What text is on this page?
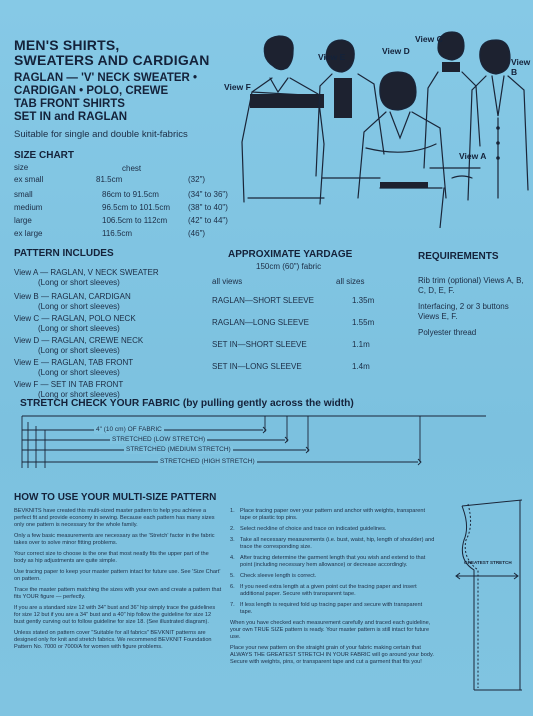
MEN'S SHIRTS,
SWEATERS AND CARDIGAN
RAGLAN — 'V' NECK SWEATER •
CARDIGAN • POLO, CREWE
TAB FRONT SHIRTS
SET IN and RAGLAN
Suitable for single and double knit-fabrics
SIZE CHART
size	chest
ex small	81.5cm	(32")
small	86cm to 91.5cm	(34" to 36")
medium	96.5cm to 101.5cm	(38" to 40")
large	106.5cm to 112cm	(42" to 44")
ex large	116.5cm	(46")
View F
View E
View C
View D
View B
View A
PATTERN INCLUDES
View A — RAGLAN, V NECK SWEATER
(Long or short sleeves)
View B — RAGLAN, CARDIGAN
(Long or short sleeves)
View C — RAGLAN, POLO NECK
(Long or short sleeves)
View D — RAGLAN, CREWE NECK
(Long or short sleeves)
View E — RAGLAN, TAB FRONT
(Long or short sleeves)
View F — SET IN TAB FRONT
(Long or short sleeves)
APPROXIMATE YARDAGE
150cm (60") fabric
all views	all sizes
RAGLAN—SHORT SLEEVE	1.35m
RAGLAN—LONG SLEEVE	1.55m
SET IN—SHORT SLEEVE	1.1m
SET IN—LONG SLEEVE	1.4m
REQUIREMENTS
Rib trim (optional) Views A, B, C, D, E, F.
Interfacing, 2 or 3 buttons Views E, F.
Polyester thread
STRETCH CHECK YOUR FABRIC (by pulling gently across the width)
4" (10 cm) OF FABRIC
STRETCHED (LOW STRETCH)
STRETCHED (MEDIUM STRETCH)
STRETCHED (HIGH STRETCH)
HOW TO USE YOUR MULTI-SIZE PATTERN

BEVKNITS have created this multi-sized master pattern to help you achieve a perfect fit and provide economy in sewing. Because each pattern has many sizes only one pattern is necessary for the whole family.

Only a few basic measurements are necessary as the 'Stretch' factor in the fabric takes over to solve minor fitting problems.

Your correct size to choose is the one that most neatly fits the upper part of the body as hip adjustments are quite simple.

Use tracing paper to keep your master pattern intact for future use. See 'Size Chart' on pattern.

Trace the master pattern matching the sizes with your own and create a pattern that fits YOUR figure — perfectly.

If you are a standard size 12 with 34" bust and 36" hip simply trace the guidelines for size 12 but if you are a 34" bust and a 40" hip follow the guideline for size 12 bust gently curving out to follow guideline for size 18. (See illustrated diagram).

Unless stated on pattern cover "Suitable for all fabrics" BEVKNIT patterns are designed only for knit and stretch fabrics. We recommend BEVKNIT Foundation Pattern No. 7000 or 7000/A for women with figure problems.

1. Place tracing paper over your pattern and anchor with weights, transparent tape or plastic top pins.
2. Select neckline of choice and trace on indicated guidelines.
3. Take all necessary measurements (i.e. bust, waist, hip, length of shoulder) and trace the corresponding size.
4. After tracing determine the garment length that you wish and extend to that point (including necessary hem allowance) or decrease accordingly.
5. Check sleeve length is correct.
6. If you need extra length at a given point cut the tracing paper and insert additional paper. Secure with transparent tape.
7. If less length is required fold up tracing paper and secure with transparent tape.

When you have checked each measurement carefully and traced each guideline, your own TRUE SIZE pattern is ready. Your master pattern is still intact for future use.

Place your new pattern on the straight grain of your fabric making certain that ALWAYS THE GREATEST STRETCH IN YOUR FABRIC will go around your body. Secure with weights, pins, or transparent tape and cut a garment that fits you!

GREATEST STRETCH
